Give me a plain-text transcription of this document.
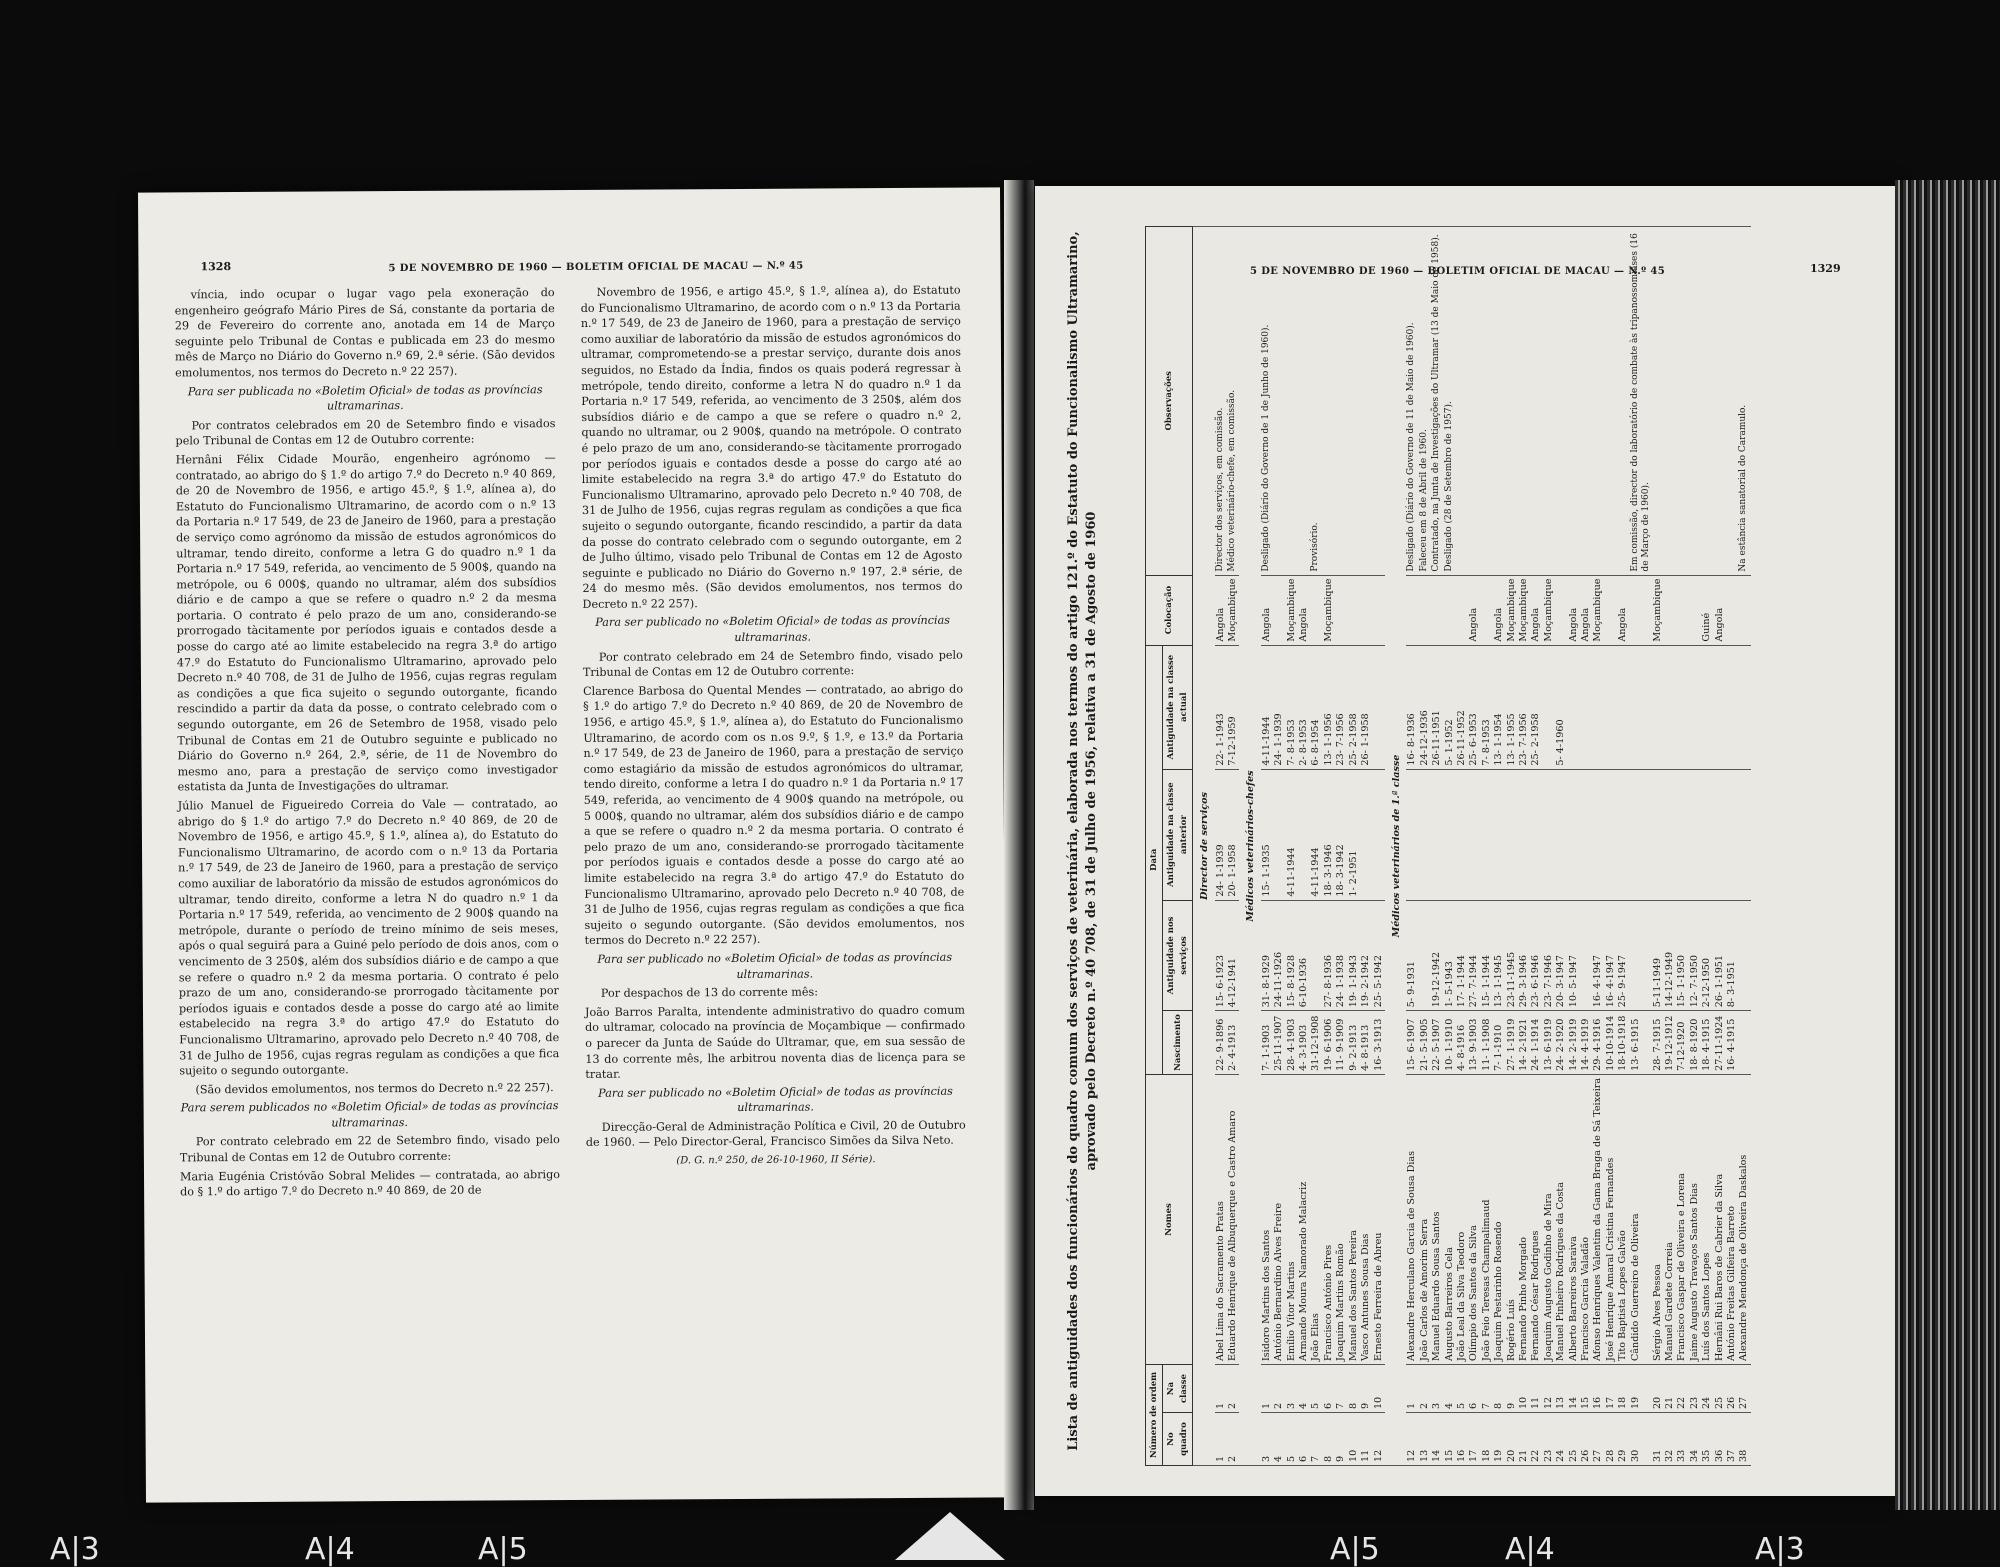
1328	5 DE NOVEMBRO DE 1960 — BOLETIM OFICIAL DE MACAU — N.º 45

víncia, indo ocupar o lugar vago pela exoneração do engenheiro geógrafo Mário Pires de Sá, constante da portaria de 29 de Fevereiro do corrente ano, anotada em 14 de Março seguinte pelo Tribunal de Contas e publicada em 23 do mesmo mês de Março no Diário do Governo n.º 69, 2.ª série. (São devidos emolumentos, nos termos do Decreto n.º 22 257).

Para ser publicada no «Boletim Oficial» de todas as províncias ultramarinas.

Por contratos celebrados em 20 de Setembro findo e visados pelo Tribunal de Contas em 12 de Outubro corrente:

Hernâni Félix Cidade Mourão, engenheiro agrónomo — contratado, ao abrigo do § 1.º do artigo 7.º do Decreto n.º 40 869, de 20 de Novembro de 1956, e artigo 45.º, § 1.º, alínea a), do Estatuto do Funcionalismo Ultramarino, de acordo com o n.º 13 da Portaria n.º 17 549, de 23 de Janeiro de 1960, para a prestação de serviço como agrónomo da missão de estudos agronómicos do ultramar, tendo direito, conforme a letra G do quadro n.º 1 da Portaria n.º 17 549, referida, ao vencimento de 5 900$, quando na metrópole, ou 6 000$, quando no ultramar, além dos subsídios diário e de campo a que se refere o quadro n.º 2 da mesma portaria. O contrato é pelo prazo de um ano, considerando-se prorrogado tàcitamente por períodos iguais e contados desde a posse do cargo até ao limite estabelecido na regra 3.ª do artigo 47.º do Estatuto do Funcionalismo Ultramarino, aprovado pelo Decreto n.º 40 708, de 31 de Julho de 1956, cujas regras regulam as condições a que fica sujeito o segundo outorgante, ficando rescindido a partir da data da posse, o contrato celebrado com o segundo outorgante, em 26 de Setembro de 1958, visado pelo Tribunal de Contas em 21 de Outubro seguinte e publicado no Diário do Governo n.º 264, 2.ª, série, de 11 de Novembro do mesmo ano, para a prestação de serviço como investigador estatista da Junta de Investigações do ultramar.

Júlio Manuel de Figueiredo Correia do Vale — contratado, ao abrigo do § 1.º do artigo 7.º do Decreto n.º 40 869, de 20 de Novembro de 1956, e artigo 45.º, § 1.º, alínea a), do Estatuto do Funcionalismo Ultramarino, de acordo com o n.º 13 da Portaria n.º 17 549, de 23 de Janeiro de 1960, para a prestação de serviço como auxiliar de laboratório da missão de estudos agronómicos do ultramar, tendo direito, conforme a letra N do quadro n.º 1 da Portaria n.º 17 549, referida, ao vencimento de 2 900$ quando na metrópole, durante o período de treino mínimo de seis meses, após o qual seguirá para a Guiné pelo período de dois anos, com o vencimento de 3 250$, além dos subsídios diário e de campo a que se refere o quadro n.º 2 da mesma portaria. O contrato é pelo prazo de um ano, considerando-se prorrogado tàcitamente por períodos iguais e contados desde a posse do cargo até ao limite estabelecido na regra 3.ª do artigo 47.º do Estatuto do Funcionalismo Ultramarino, aprovado pelo Decreto n.º 40 708, de 31 de Julho de 1956, cujas regras regulam as condições a que fica sujeito o segundo outorgante.

(São devidos emolumentos, nos termos do Decreto n.º 22 257).

Para serem publicados no «Boletim Oficial» de todas as províncias ultramarinas.

Por contrato celebrado em 22 de Setembro findo, visado pelo Tribunal de Contas em 12 de Outubro corrente:

Maria Eugénia Cristóvão Sobral Melides — contratada, ao abrigo do § 1.º do artigo 7.º do Decreto n.º 40 869, de 20 de

Novembro de 1956, e artigo 45.º, § 1.º, alínea a), do Estatuto do Funcionalismo Ultramarino, de acordo com o n.º 13 da Portaria n.º 17 549, de 23 de Janeiro de 1960, para a prestação de serviço como auxiliar de laboratório da missão de estudos agronómicos do ultramar, comprometendo-se a prestar serviço, durante dois anos seguidos, no Estado da Índia, findos os quais poderá regressar à metrópole, tendo direito, conforme a letra N do quadro n.º 1 da Portaria n.º 17 549, referida, ao vencimento de 3 250$, além dos subsídios diário e de campo a que se refere o quadro n.º 2, quando no ultramar, ou 2 900$, quando na metrópole. O contrato é pelo prazo de um ano, considerando-se tàcitamente prorrogado por períodos iguais e contados desde a posse do cargo até ao limite estabelecido na regra 3.ª do artigo 47.º do Estatuto do Funcionalismo Ultramarino, aprovado pelo Decreto n.º 40 708, de 31 de Julho de 1956, cujas regras regulam as condições a que fica sujeito o segundo outorgante, ficando rescindido, a partir da data da posse do contrato celebrado com o segundo outorgante, em 2 de Julho último, visado pelo Tribunal de Contas em 12 de Agosto seguinte e publicado no Diário do Governo n.º 197, 2.ª série, de 24 do mesmo mês. (São devidos emolumentos, nos termos do Decreto n.º 22 257).

Para ser publicado no «Boletim Oficial» de todas as províncias ultramarinas.

Por contrato celebrado em 24 de Setembro findo, visado pelo Tribunal de Contas em 12 de Outubro corrente:

Clarence Barbosa do Quental Mendes — contratado, ao abrigo do § 1.º do artigo 7.º do Decreto n.º 40 869, de 20 de Novembro de 1956, e artigo 45.º, § 1.º, alínea a), do Estatuto do Funcionalismo Ultramarino, de acordo com os n.os 9.º, § 1.º, e 13.º da Portaria n.º 17 549, de 23 de Janeiro de 1960, para a prestação de serviço como estagiário da missão de estudos agronómicos do ultramar, tendo direito, conforme a letra I do quadro n.º 1 da Portaria n.º 17 549, referida, ao vencimento de 4 900$ quando na metrópole, ou 5 000$, quando no ultramar, além dos subsídios diário e de campo a que se refere o quadro n.º 2 da mesma portaria. O contrato é pelo prazo de um ano, considerando-se prorrogado tàcitamente por períodos iguais e contados desde a posse do cargo até ao limite estabelecido na regra 3.ª do artigo 47.º do Estatuto do Funcionalismo Ultramarino, aprovado pelo Decreto n.º 40 708, de 31 de Julho de 1956, cujas regras regulam as condições a que fica sujeito o segundo outorgante. (São devidos emolumentos, nos termos do Decreto n.º 22 257).

Para ser publicado no «Boletim Oficial» de todas as províncias ultramarinas.

Por despachos de 13 do corrente mês:

João Barros Paralta, intendente administrativo do quadro comum do ultramar, colocado na província de Moçambique — confirmado o parecer da Junta de Saúde do Ultramar, que, em sua sessão de 13 do corrente mês, lhe arbitrou noventa dias de licença para se tratar.

Para ser publicado no «Boletim Oficial» de todas as províncias ultramarinas.

Direcção-Geral de Administração Política e Civil, 20 de Outubro de 1960. — Pelo Director-Geral, Francisco Simões da Silva Neto.

(D. G. n.º 250, de 26-10-1960, II Série).

5 DE NOVEMBRO DE 1960 — BOLETIM OFICIAL DE MACAU — N.º 45	1329
Lista de antiguidades dos funcionários do quadro comum dos serviços de veterinária, elaborada nos termos do artigo 121.º do Estatuto do Funcionalismo Ultramarino, aprovado pelo Decreto n.º 40 708, de 31 de Julho de 1956, relativa a 31 de Agosto de 1960
Número de ordem		Nomes	Data				Colocação	Observações
No quadro	Na classe		Nascimento	Antiguidade nos serviços	Antiguidade na classe anterior	Antiguidade na classe actual		
Director de serviços								
1	1	Abel Lima do Sacramento Pratas	22- 9-1896	15- 6-1923	24- 1-1939	22- 1-1943	Angola	Director dos serviços, em comissão.
2	2	Eduardo Henrique de Albuquerque e Castro Amaro	2- 4-1913	4-12-1941	20- 1-1958	7-12-1959	Moçambique	Médico veterinário-chefe, em comissão.
Médicos veterinários-chefes								
3	1	Isidoro Martins dos Santos	7- 1-1903	31- 8-1929	15- 1-1935	4-11-1944	Angola	Desligado (Diário do Governo de 1 de Junho de 1960).
4	2	António Bernardino Alves Freire	25-11-1907	24-11-1926		24- 1-1939		
5	3	Emílio Vítor Martins	28- 4-1903	15- 8-1928	4-11-1944	7- 8-1953	Moçambique	
6	4	Armando Moura Namorado Malacriz	4- 3-1903	6-10-1936		2- 8-1953	Angola	
7	5	João Elias	31-12-1908		4-11-1944	6- 8-1954		Provisório.
8	6	Francisco António Pires	19- 6-1906	27- 8-1936	18- 3-1946	13- 1-1956	Moçambique	
9	7	Joaquim Martins Romão	11- 9-1909	24- 1-1938	18- 3-1942	23- 7-1956		
10	8	Manuel dos Santos Pereira	9- 2-1913	19- 1-1943	1- 2-1951	25- 2-1958		
11	9	Vasco Antunes Sousa Dias	4- 8-1913	19- 2-1942		26- 1-1958		
12	10	Ernesto Ferreira de Abreu	16- 3-1913	25- 5-1942				
Médicos veterinários de 1.ª classe								
12	1	Alexandre Herculano Garcia de Sousa Dias	15- 6-1907	5- 9-1931		16- 8-1936		Desligado (Diário do Governo de 11 de Maio de 1960).
13	2	João Carlos de Amorim Serra	21- 5-1905			24-12-1936		Faleceu em 8 de Abril de 1960.
14	3	Manuel Eduardo Sousa Santos	22- 5-1907	19-12-1942		26-11-1951		Contratado, na Junta de Investigações do Ultramar (13 de Maio de 1958).
15	4	Augusto Barreiros Cela	10- 1-1910	1- 5-1943		5- 1-1952		Desligado (28 de Setembro de 1957).
16	5	João Leal da Silva Teodoro	4- 8-1916	17- 1-1944		26-11-1952		
17	6	Olímpio dos Santos da Silva	13- 9-1903	27- 7-1944		25- 6-1953	Angola	
18	7	João Feio Teresas Champalimaud	11- 1-1908	15- 1-1944		7- 8-1953		
19	8	Joaquim Pestarinho Rosendo	7- 1-1910	13- 1-1945		13- 1-1954	Angola	
20	9	Rogério Luís	27- 1-1919	23-11-1945		13- 1-1955	Moçambique	
21	10	Fernando Pinho Morgado	14- 2-1921	29- 3-1946		23- 7-1956	Moçambique	
22	11	Fernando César Rodrigues	24- 1-1914	23- 6-1946		25- 2-1958	Angola	
23	12	Joaquim Augusto Godinho de Mira	13- 6-1919	23- 7-1946			Moçambique	
24	13	Manuel Pinheiro Rodrigues da Costa	24- 2-1920	20- 3-1947		5- 4-1960		
25	14	Alberto Barreiros Saraiva	14- 2-1919	10- 5-1947			Angola	
26	15	Francisco Garcia Valadão	14- 4-1919				Angola	
27	16	Afonso Henriques Valentim da Gama Braga de Sá Teixeira	29- 4-1916	16- 4-1947			Moçambique	
28	17	José Henrique Amaral Cristina Fernandes	10-10-1914	16- 4-1947				
29	18	Tito Baptista Lopes Galvão	18-10-1918	25- 9-1947			Angola	
30	19	Cândido Guerreiro de Oliveira	13- 6-1915					Em comissão, director do laboratório de combate às tripanossomíases (16 de Março de 1960).
31	20	Sérgio Alves Pessoa	28- 7-1915	5-11-1949			Moçambique	
32	21	Manuel Gardete Correia	19-12-1912	14-12-1949				
33	22	Francisco Gaspar de Oliveira e Lorena	7-12-1920	15- 1-1950				
34	23	Jaime Augusto Travaços Santos Dias	18- 8-1920	12- 7-1950				
35	24	Luís dos Santos Lopes	18- 4-1915	2-12-1950			Guiné	
36	25	Hernâni Rui Baros de Cabrier da Silva	27-11-1924	26- 1-1951			Angola	
37	26	António Freitas Gilfeira Barreto	16- 4-1915	8- 3-1951				
38	27	Alexandre Mendonça de Oliveira Daskalos						Na estância sanatorial do Caramulo.
A|3	A|4	A|5	A|5	A|4	A|3
